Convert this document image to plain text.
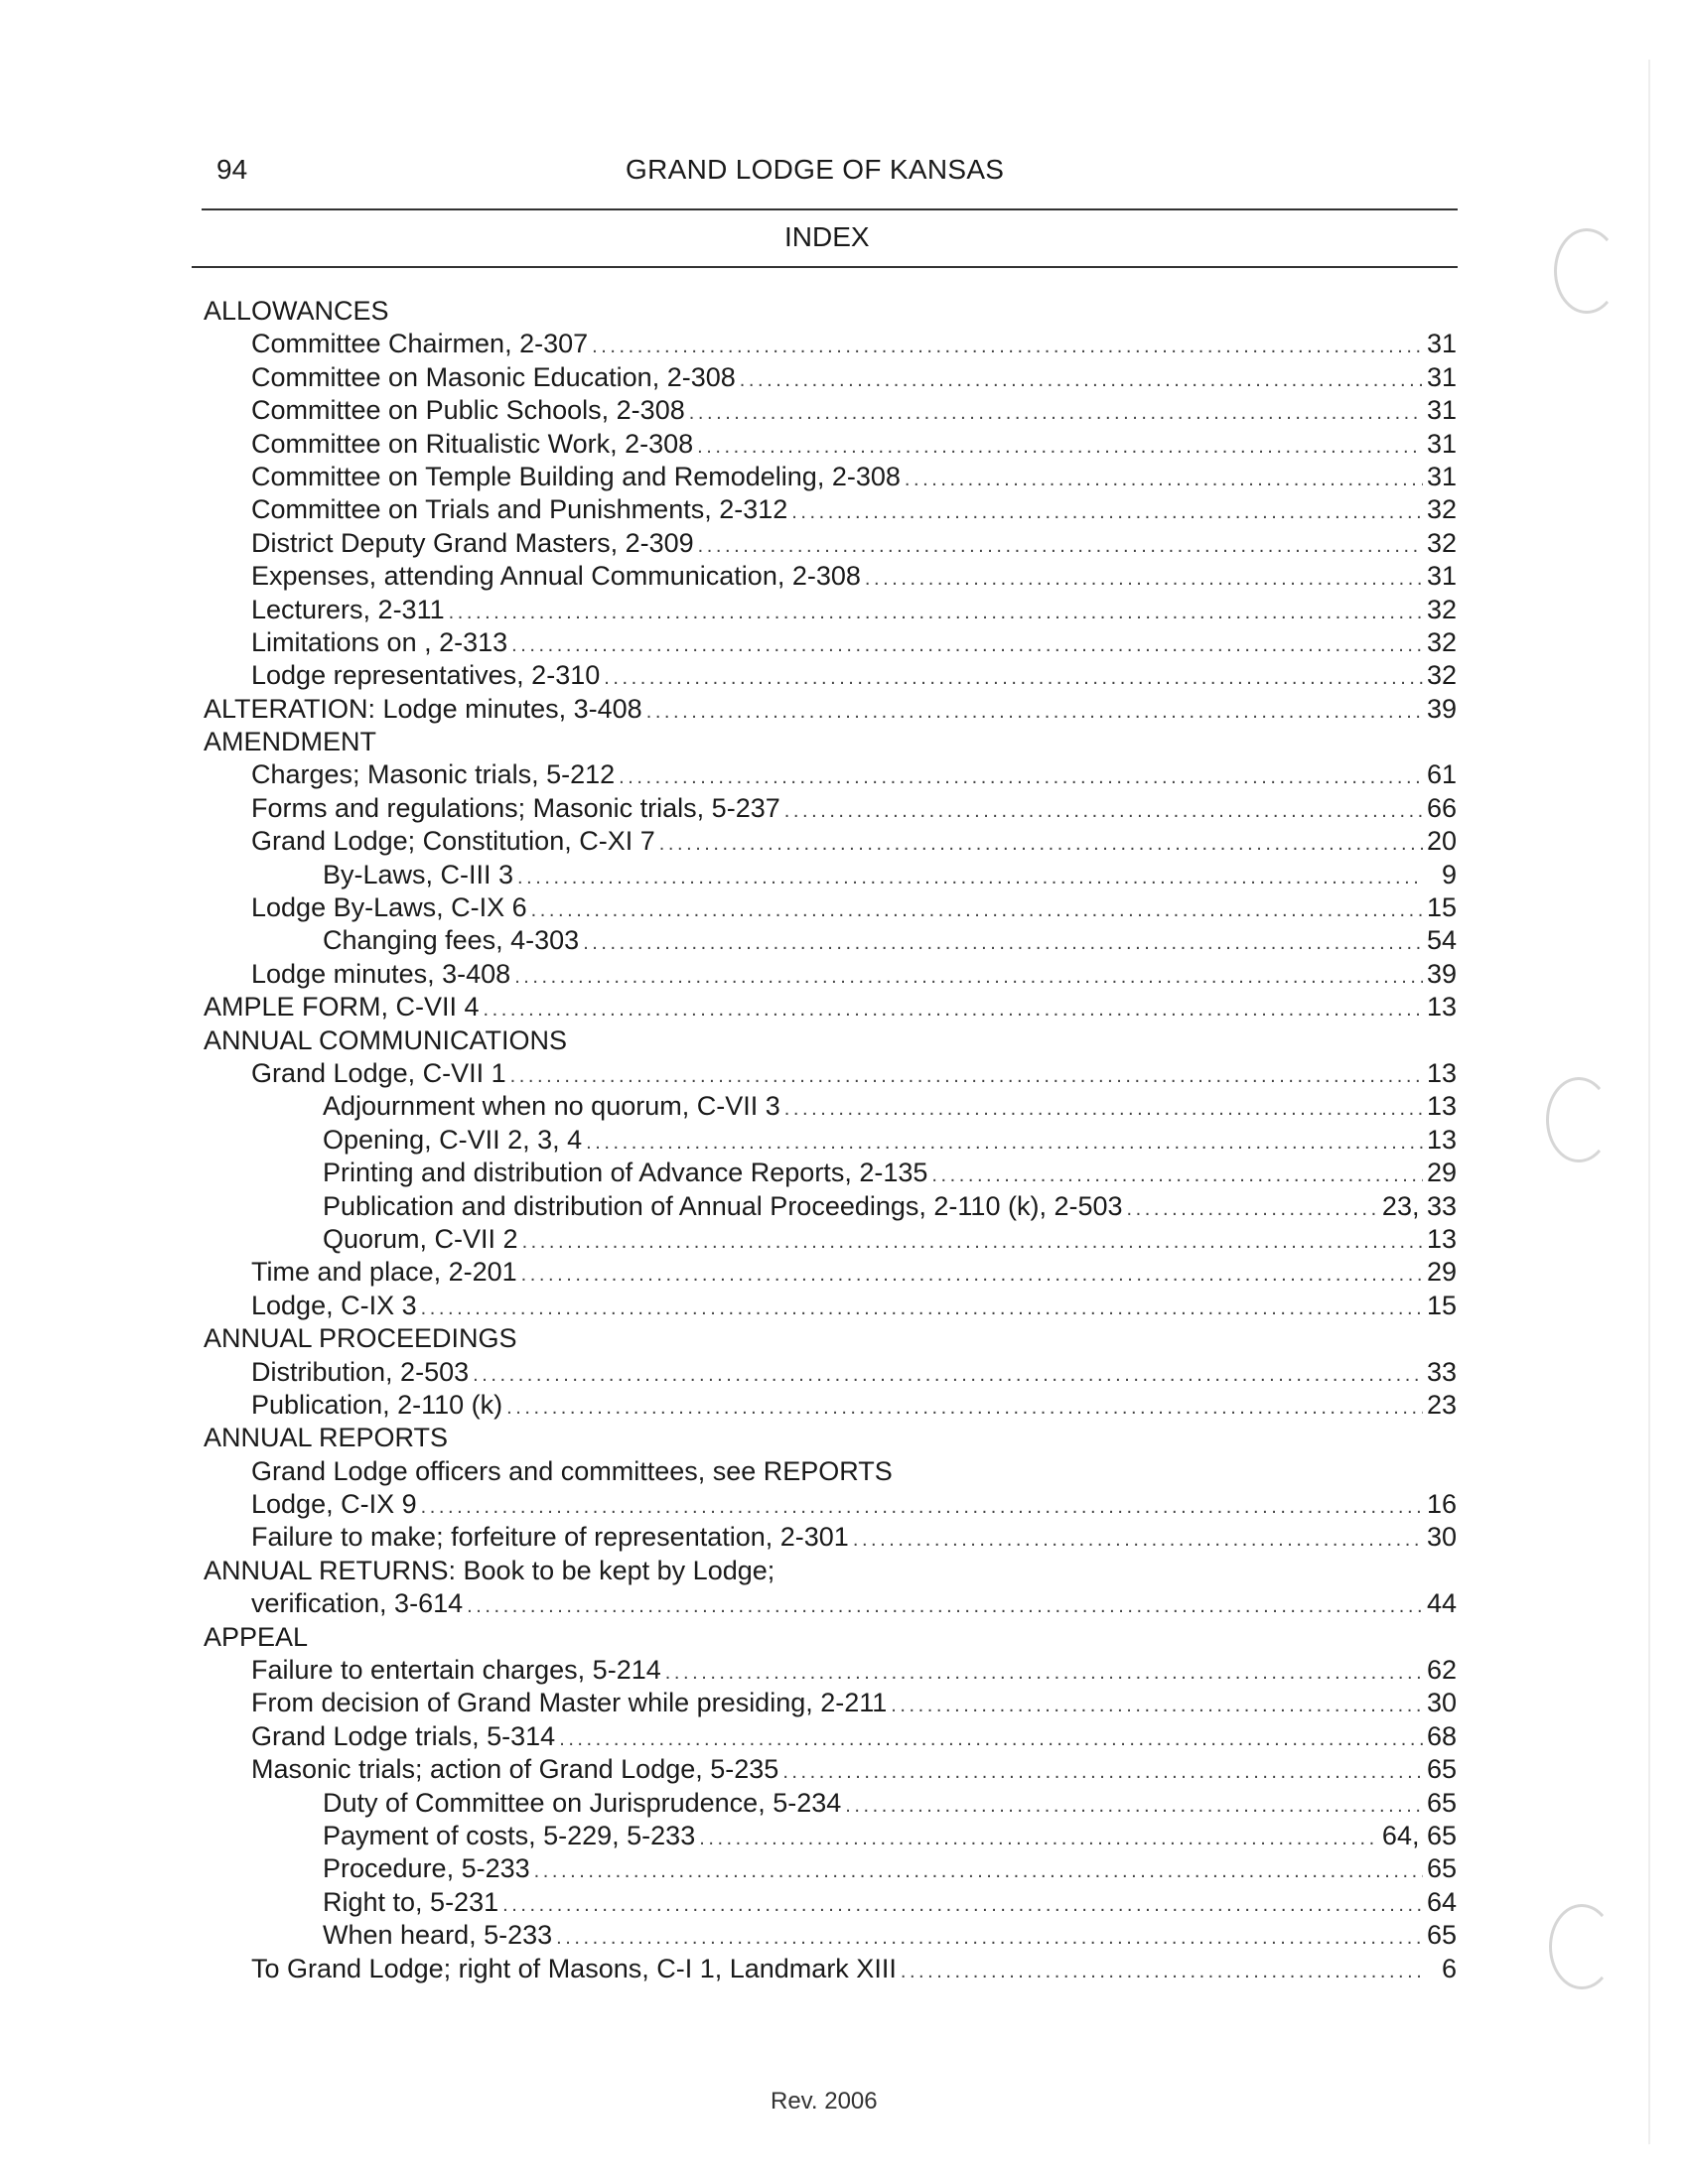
94	GRAND LODGE OF KANSAS
INDEX
ALLOWANCES
Committee Chairmen, 2-307 . . .	31
Committee on Masonic Education, 2-308 . . .	31
Committee on Public Schools, 2-308 . . .	31
Committee on Ritualistic Work, 2-308 . . .	31
Committee on Temple Building and Remodeling, 2-308 . . .	31
Committee on Trials and Punishments, 2-312 . . .	32
District Deputy Grand Masters, 2-309 . . .	32
Expenses, attending Annual Communication, 2-308 . . .	31
Lecturers, 2-311 . . .	32
Limitations on , 2-313 . . .	32
Lodge representatives, 2-310 . . .	32
ALTERATION: Lodge minutes, 3-408 . . .	39
AMENDMENT
Charges; Masonic trials, 5-212 . . .	61
Forms and regulations; Masonic trials, 5-237 . . .	66
Grand Lodge; Constitution, C-XI 7 . . .	20
By-Laws, C-III 3 . . .	9
Lodge By-Laws, C-IX 6 . . .	15
Changing fees, 4-303 . . .	54
Lodge minutes, 3-408 . . .	39
AMPLE FORM, C-VII 4 . . .	13
ANNUAL COMMUNICATIONS
Grand Lodge, C-VII 1 . . .	13
Adjournment when no quorum, C-VII 3 . . .	13
Opening, C-VII 2, 3, 4 . . .	13
Printing and distribution of Advance Reports, 2-135 . . .	29
Publication and distribution of Annual Proceedings, 2-110 (k), 2-503 . . .	23, 33
Quorum, C-VII 2 . . .	13
Time and place, 2-201 . . .	29
Lodge, C-IX 3 . . .	15
ANNUAL PROCEEDINGS
Distribution, 2-503 . . .	33
Publication, 2-110 (k) . . .	23
ANNUAL REPORTS
Grand Lodge officers and committees, see REPORTS
Lodge, C-IX 9 . . .	16
Failure to make; forfeiture of representation, 2-301 . . .	30
ANNUAL RETURNS: Book to be kept by Lodge;
verification, 3-614 . . .	44
APPEAL
Failure to entertain charges, 5-214 . . .	62
From decision of Grand Master while presiding, 2-211 . . .	30
Grand Lodge trials, 5-314 . . .	68
Masonic trials; action of Grand Lodge, 5-235 . . .	65
Duty of Committee on Jurisprudence, 5-234 . . .	65
Payment of costs, 5-229, 5-233 . . .	64, 65
Procedure, 5-233 . . .	65
Right to, 5-231 . . .	64
When heard, 5-233 . . .	65
To Grand Lodge; right of Masons, C-I 1, Landmark XIII . . .	6
Rev. 2006
